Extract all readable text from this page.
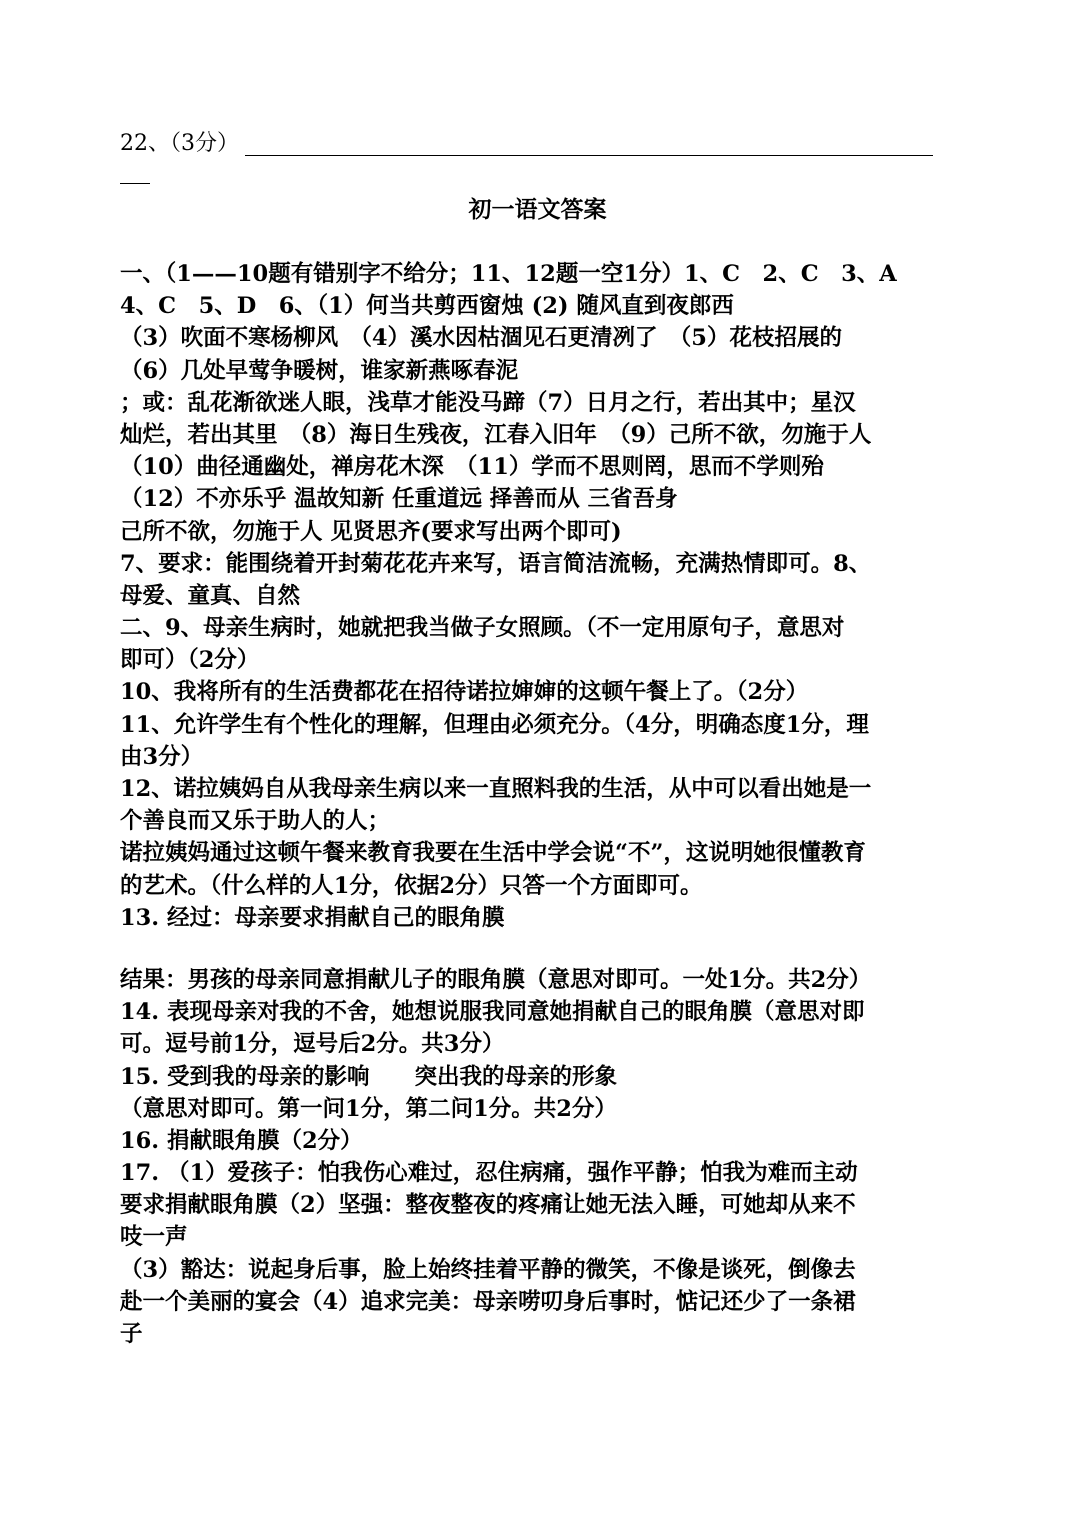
22、（3分）
初一语文答案
一、（1——10题有错别字不给分；11、12题一空1分）1、C　2、C　3、A
4、C　5、D　6、（1）何当共剪西窗烛 (2) 随风直到夜郎西
（3）吹面不寒杨柳风　（4）溪水因枯涸见石更清冽了　（5）花枝招展的
（6）几处早莺争暖树，谁家新燕啄春泥
；或：乱花渐欲迷人眼，浅草才能没马蹄（7）日月之行，若出其中；星汉
灿烂，若出其里　（8）海日生残夜，江春入旧年　（9）己所不欲，勿施于人
（10）曲径通幽处，禅房花木深　（11）学而不思则罔，思而不学则殆
（12）不亦乐乎 温故知新 任重道远 择善而从 三省吾身
己所不欲，勿施于人 见贤思齐(要求写出两个即可)
7、要求：能围绕着开封菊花花卉来写，语言简洁流畅，充满热情即可。8、
母爱、童真、自然
二、9、母亲生病时，她就把我当做子女照顾。（不一定用原句子，意思对
即可）（2分）
10、我将所有的生活费都花在招待诺拉婶婶的这顿午餐上了。（2分）
11、允许学生有个性化的理解，但理由必须充分。（4分，明确态度1分，理
由3分）
12、诺拉姨妈自从我母亲生病以来一直照料我的生活，从中可以看出她是一
个善良而又乐于助人的人；
诺拉姨妈通过这顿午餐来教育我要在生活中学会说“不”，这说明她很懂教育
的艺术。（什么样的人1分，依据2分）只答一个方面即可。
13. 经过：母亲要求捐献自己的眼角膜
结果：男孩的母亲同意捐献儿子的眼角膜（意思对即可。一处1分。共2分）
14. 表现母亲对我的不舍，她想说服我同意她捐献自己的眼角膜（意思对即
可。逗号前1分，逗号后2分。共3分）
15. 受到我的母亲的影响　　突出我的母亲的形象
（意思对即可。第一问1分，第二问1分。共2分）
16. 捐献眼角膜（2分）
17. （1）爱孩子：怕我伤心难过，忍住病痛，强作平静；怕我为难而主动
要求捐献眼角膜（2）坚强：整夜整夜的疼痛让她无法入睡，可她却从来不
吱一声
（3）豁达：说起身后事，脸上始终挂着平静的微笑，不像是谈死，倒像去
赴一个美丽的宴会（4）追求完美：母亲唠叨身后事时，惦记还少了一条裙
子
